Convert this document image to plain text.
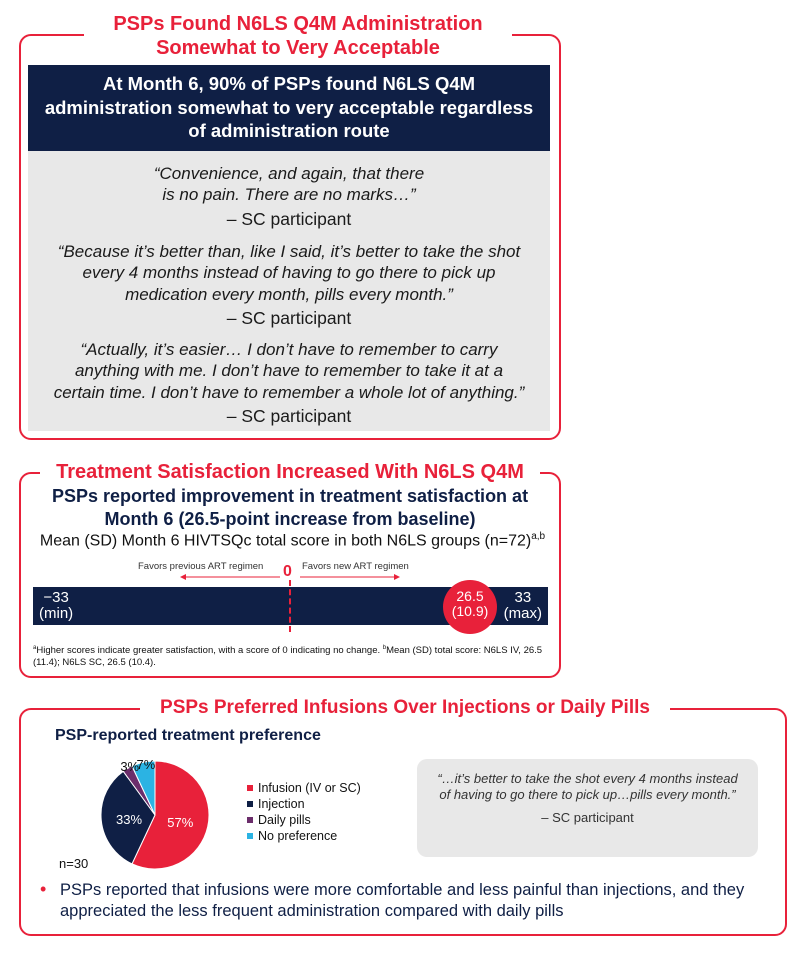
PSPs Found N6LS Q4M Administration
Somewhat to Very Acceptable
At Month 6, 90% of PSPs found N6LS Q4M administration somewhat to very acceptable regardless of administration route
“Convenience, and again, that there is no pain. There are no marks…”
– SC participant
“Because it’s better than, like I said, it’s better to take the shot every 4 months instead of having to go there to pick up medication every month, pills every month.”
– SC participant
“Actually, it’s easier… I don’t have to remember to carry anything with me. I don’t have to remember to take it at a certain time. I don’t have to remember a whole lot of anything.”
– SC participant
Treatment Satisfaction Increased With N6LS Q4M
PSPs reported improvement in treatment satisfaction at Month 6 (26.5-point increase from baseline)
Mean (SD) Month 6 HIVTSQc total score in both N6LS groups (n=72)$^{a,b}$
Favors previous ART regimen 0 Favors new ART regimen
−33
(min)
33
(max)
26.5
(10.9)
$^a$Higher scores indicate greater satisfaction, with a score of 0 indicating no change. $^b$Mean (SD) total score: N6LS IV, 26.5 (11.4); N6LS SC, 26.5 (10.4).
PSPs Preferred Infusions Over Injections or Daily Pills
PSP-reported treatment preference
57%
33%
3%
7%
n=30
Infusion (IV or SC)
Injection
Daily pills
No preference
“…it’s better to take the shot every 4 months instead of having to go there to pick up…pills every month.”
– SC participant
• PSPs reported that infusions were more comfortable and less painful than injections, and they appreciated the less frequent administration compared with daily pills
